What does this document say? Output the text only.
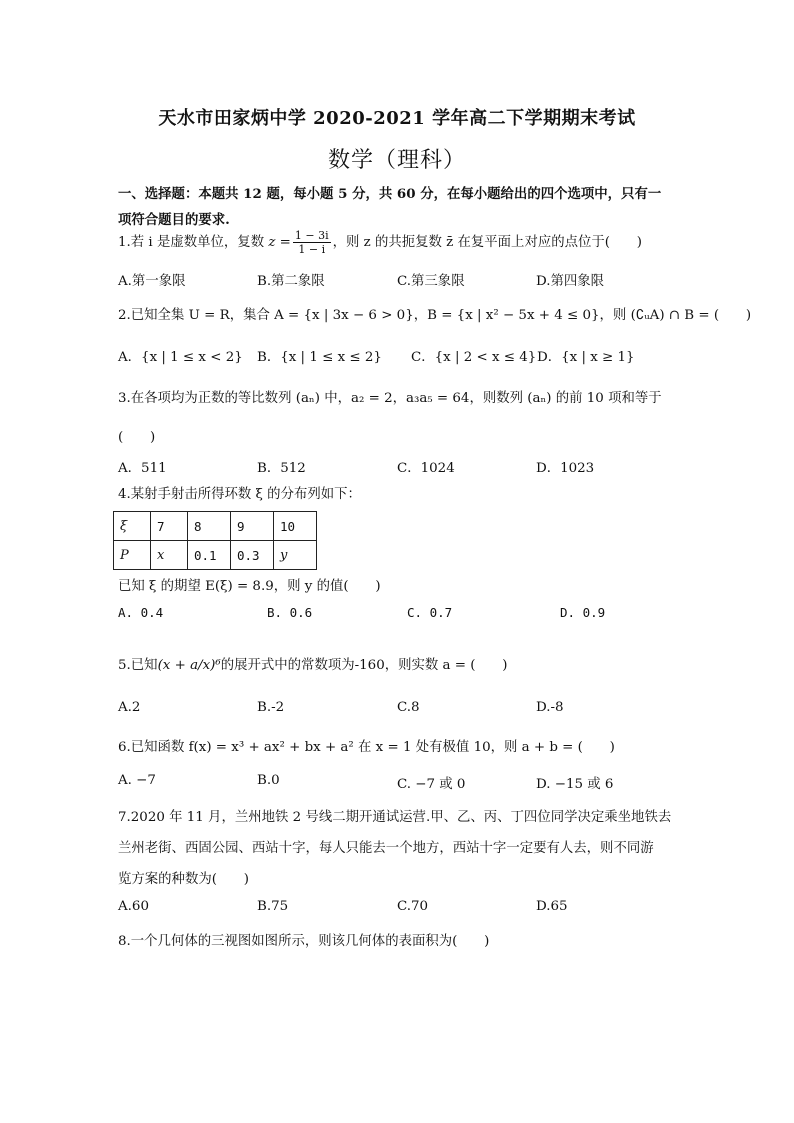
天水市田家炳中学 2020-2021 学年高二下学期期末考试
数学（理科）
一、选择题：本题共 12 题，每小题 5 分，共 60 分，在每小题给出的四个选项中，只有一
项符合题目的要求.
1.若 i 是虚数单位，复数 $z = \frac{1 - 3i}{1 - i}$ ，则 z 的共扼复数 z̄ 在复平面上对应的点位于(　　)
A.第一象限	B.第二象限	C.第三象限	D.第四象限
2.已知全集 U = R，集合 A = {x | 3x − 6 > 0}，B = {x | x² − 5x + 4 ≤ 0}，则 (∁ᵤA) ∩ B = (　　)
A．{x | 1 ≤ x < 2} B．{x | 1 ≤ x ≤ 2} C．{x | 2 < x ≤ 4} D．{x | x ≥ 1}
3.在各项均为正数的等比数列 (aₙ) 中，a₂ = 2，a₃a₅ = 64，则数列 (aₙ) 的前 10 项和等于
(　　)
A．511	B．512	C．1024	D．1023
4.某射手射击所得环数 ξ 的分布列如下：
ξ	7	8	9	10
P	x	0.1	0.3	y
已知 ξ 的期望 E(ξ) = 8.9，则 y 的值(　　)
A. 0.4	B. 0.6	C. 0.7	D. 0.9
5.已知(x + a/x)⁶的展开式中的常数项为-160，则实数 a = (　　)
A.2	B.-2	C.8	D.-8
6.已知函数 f(x) = x³ + ax² + bx + a² 在 x = 1 处有极值 10，则 a + b = (　　)
A. −7	B.0	C. −7 或 0	D. −15 或 6
7.2020 年 11 月，兰州地铁 2 号线二期开通试运营.甲、乙、丙、丁四位同学决定乘坐地铁去
兰州老街、西固公园、西站十字，每人只能去一个地方，西站十字一定要有人去，则不同游
览方案的种数为(　　)
A.60	B.75	C.70	D.65
8.一个几何体的三视图如图所示，则该几何体的表面积为(　　)
